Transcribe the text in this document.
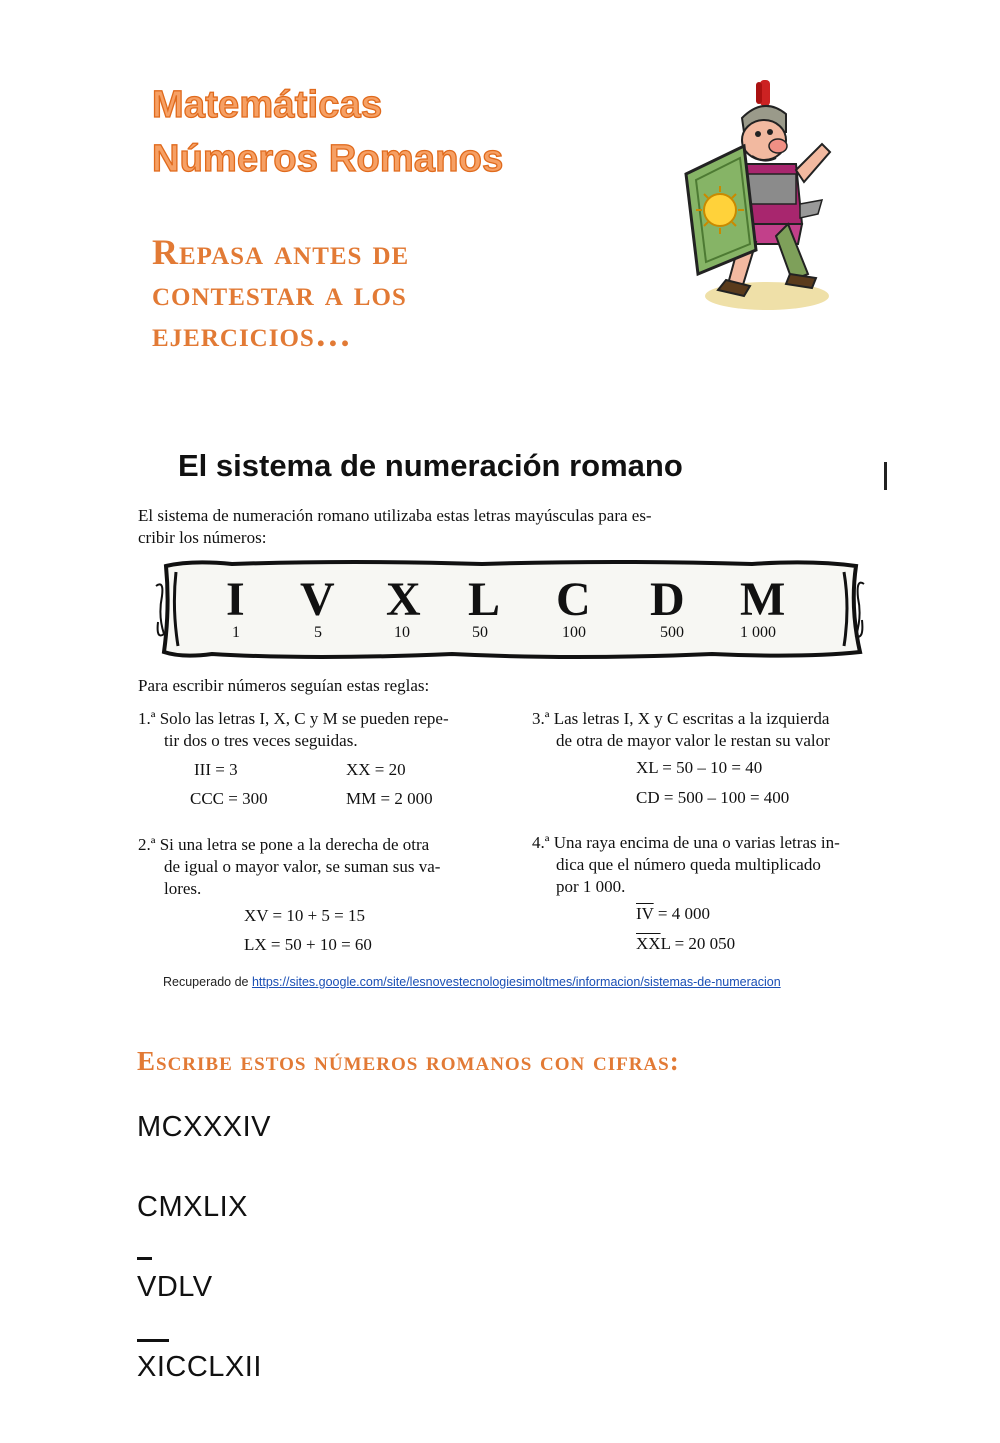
Matemáticas
Números Romanos
Repasa antes de
contestar a los
ejercicios…
El sistema de numeración romano
El sistema de numeración romano utilizaba estas letras mayúsculas para es-
cribir los números:
I
1
V
5
X
10
L
50
C
100
D
500
M
1 000
Para escribir números seguían estas reglas:
1.ª Solo las letras I, X, C y M se pueden repe-
tir dos o tres veces seguidas.
III = 3	XX = 20
CCC = 300	MM = 2 000
2.ª Si una letra se pone a la derecha de otra
de igual o mayor valor, se suman sus va-
lores.
XV = 10 + 5 = 15
LX = 50 + 10 = 60
3.ª Las letras I, X y C escritas a la izquierda
de otra de mayor valor le restan su valor
XL = 50 – 10 = 40
CD = 500 – 100 = 400
4.ª Una raya encima de una o varias letras in-
dica que el número queda multiplicado
por 1 000.
$\overline{IV} = 4$ 000
$\overline{XX}L = 20$ 050
Recuperado de https://sites.google.com/site/lesnovestecnologiesimoltmes/informacion/sistemas-de-numeracion
Escribe estos números romanos con cifras:
MCXXXIV
CMXLIX
VDLV
XICCLXII
